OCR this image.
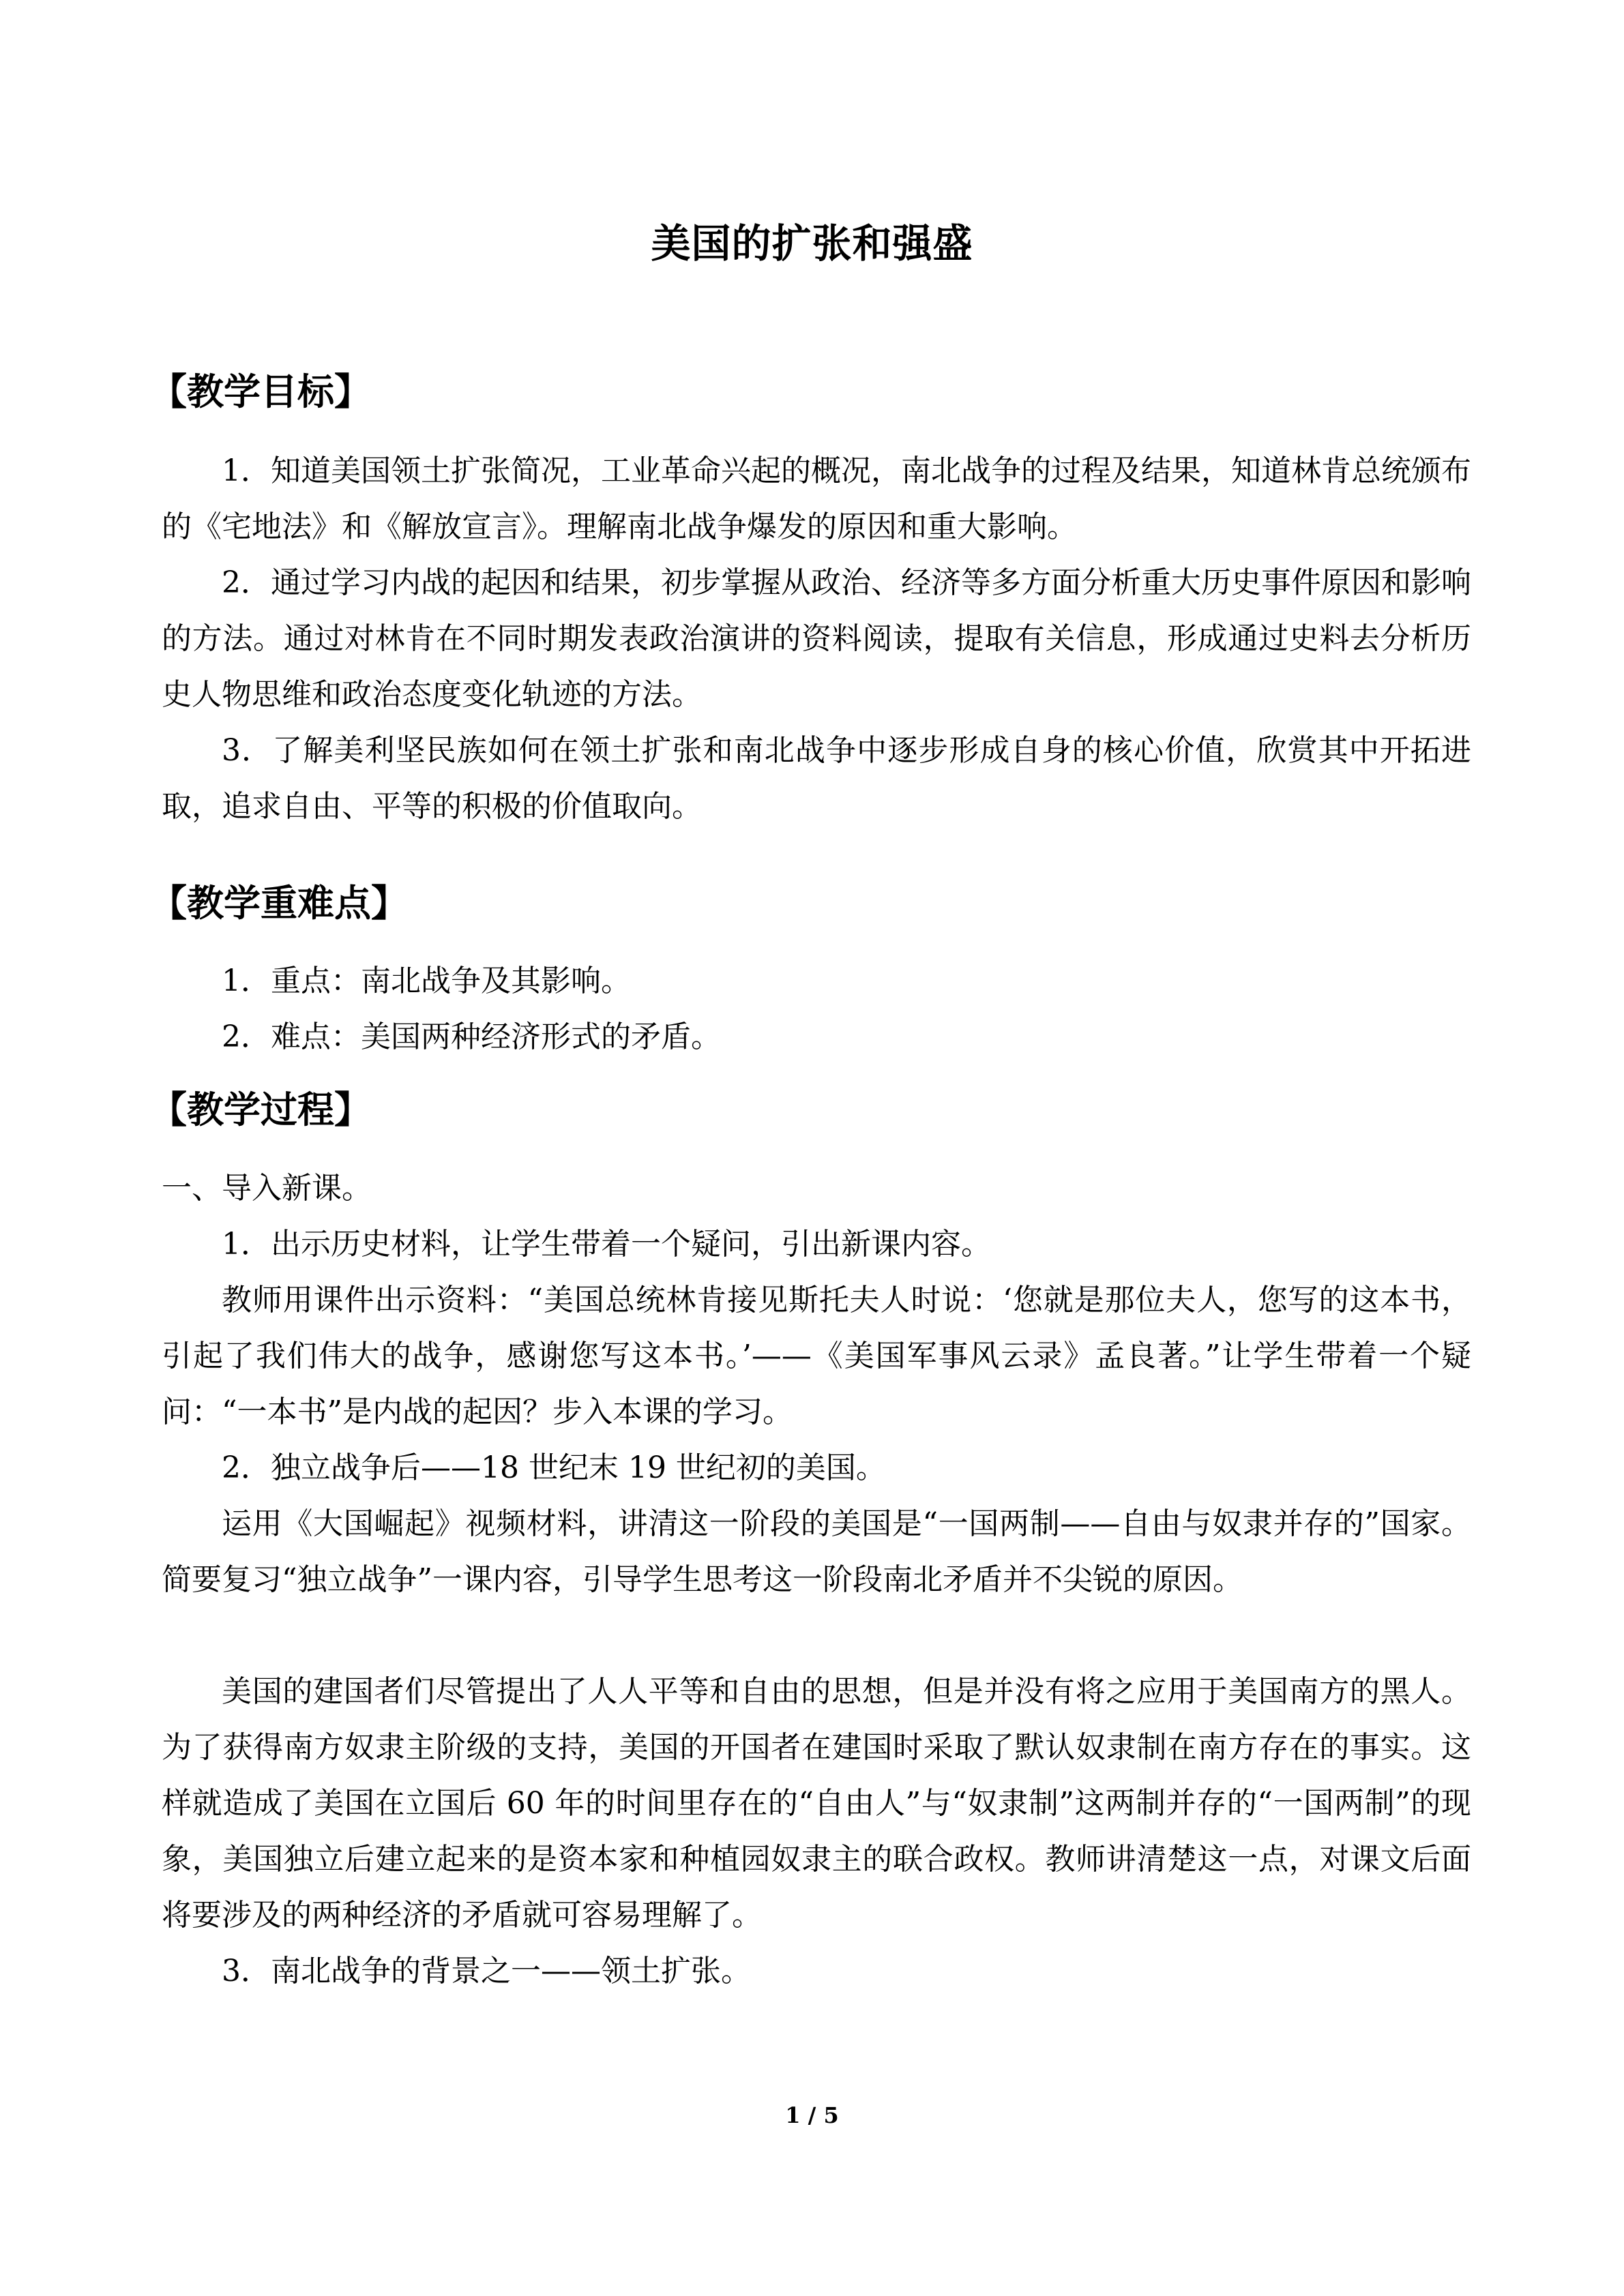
美国的扩张和强盛
【教学目标】
1．知道美国领土扩张简况，工业革命兴起的概况，南北战争的过程及结果，知道林肯总统颁布的《宅地法》和《解放宣言》。理解南北战争爆发的原因和重大影响。
2．通过学习内战的起因和结果，初步掌握从政治、经济等多方面分析重大历史事件原因和影响的方法。通过对林肯在不同时期发表政治演讲的资料阅读，提取有关信息，形成通过史料去分析历史人物思维和政治态度变化轨迹的方法。
3．了解美利坚民族如何在领土扩张和南北战争中逐步形成自身的核心价值，欣赏其中开拓进取，追求自由、平等的积极的价值取向。
【教学重难点】
1．重点：南北战争及其影响。
2．难点：美国两种经济形式的矛盾。
【教学过程】
一、导入新课。
1．出示历史材料，让学生带着一个疑问，引出新课内容。
教师用课件出示资料：“美国总统林肯接见斯托夫人时说：‘您就是那位夫人，您写的这本书，引起了我们伟大的战争，感谢您写这本书。’——《美国军事风云录》孟良著。”让学生带着一个疑问：“一本书”是内战的起因？步入本课的学习。
2．独立战争后——18 世纪末 19 世纪初的美国。
运用《大国崛起》视频材料，讲清这一阶段的美国是“一国两制——自由与奴隶并存的”国家。简要复习“独立战争”一课内容，引导学生思考这一阶段南北矛盾并不尖锐的原因。
美国的建国者们尽管提出了人人平等和自由的思想，但是并没有将之应用于美国南方的黑人。为了获得南方奴隶主阶级的支持，美国的开国者在建国时采取了默认奴隶制在南方存在的事实。这样就造成了美国在立国后 60 年的时间里存在的“自由人”与“奴隶制”这两制并存的“一国两制”的现象，美国独立后建立起来的是资本家和种植园奴隶主的联合政权。教师讲清楚这一点，对课文后面将要涉及的两种经济的矛盾就可容易理解了。
3．南北战争的背景之一——领土扩张。
1 / 5
